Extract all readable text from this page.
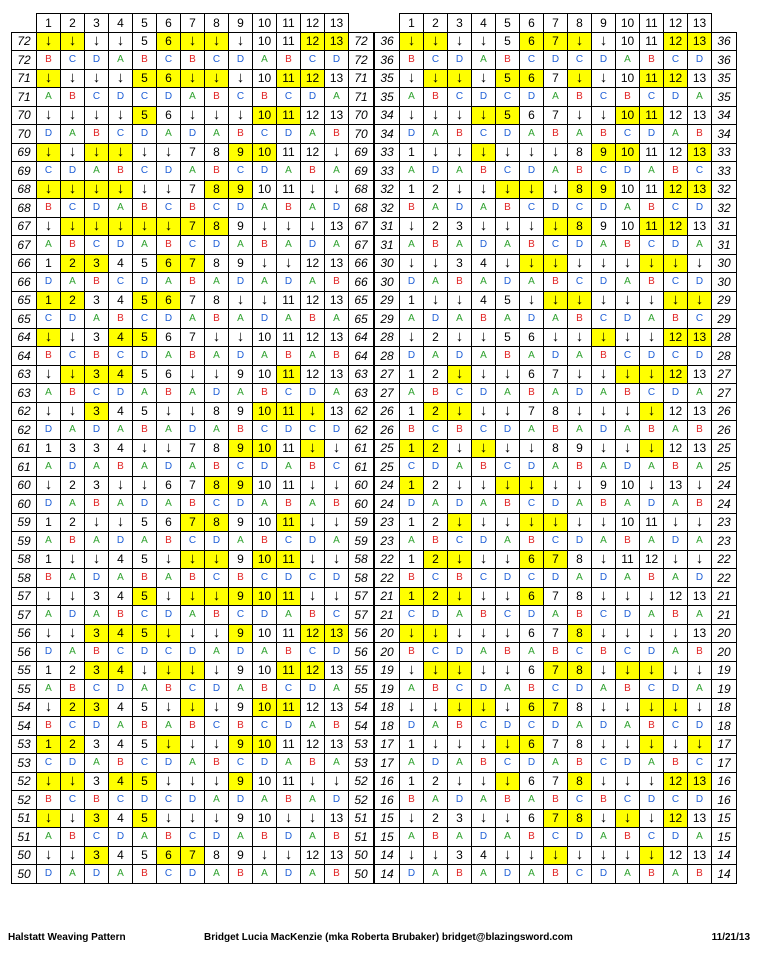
	1	2	3	4	5	6	7	8	9	10	11	12	13	
72	↓	↓	↓	↓	5	6	↓	↓	↓	10	11	12	13	72
72	B	C	D	A	B	C	B	C	D	A	B	C	D	72
71	↓	↓	↓	↓	5	6	↓	↓	↓	10	11	12	13	71
71	A	B	C	D	C	D	A	B	C	B	C	D	A	71
70	↓	↓	↓	↓	5	6	↓	↓	↓	10	11	12	13	70
70	D	A	B	C	D	A	D	A	B	C	D	A	B	70
69	↓	↓	↓	↓	↓	↓	7	8	9	10	11	12	↓	69
69	C	D	A	B	C	D	A	B	C	D	A	B	A	69
68	↓	↓	↓	↓	↓	↓	7	8	9	10	11	↓	↓	68
68	B	C	D	A	B	C	B	C	D	A	B	A	D	68
67	↓	↓	↓	↓	↓	↓	7	8	9	↓	↓	↓	13	67
67	A	B	C	D	A	B	C	D	A	B	A	D	A	67
66	1	2	3	4	5	6	7	8	9	↓	↓	12	13	66
66	D	A	B	C	D	A	B	A	D	A	D	A	B	66
65	1	2	3	4	5	6	7	8	↓	↓	11	12	13	65
65	C	D	A	B	C	D	A	B	A	D	A	B	A	65
64	↓	↓	3	4	5	6	7	↓	↓	10	11	12	13	64
64	B	C	B	C	D	A	B	A	D	A	B	A	B	64
63	↓	↓	3	4	5	6	↓	↓	9	10	11	12	13	63
63	A	B	C	D	A	B	A	D	A	B	C	D	A	63
62	↓	↓	3	4	5	↓	↓	8	9	10	11	↓	13	62
62	D	A	D	A	B	A	D	A	B	C	D	C	D	62
61	1	3	3	4	↓	↓	7	8	9	10	11	↓	↓	61
61	A	D	A	B	A	D	A	B	C	D	A	B	C	61
60	↓	2	3	↓	↓	6	7	8	9	10	11	↓	↓	60
60	D	A	B	A	D	A	B	C	D	A	B	A	B	60
59	1	2	↓	↓	5	6	7	8	9	10	11	↓	↓	59
59	A	B	A	D	A	B	C	D	A	B	C	D	A	59
58	1	↓	↓	4	5	↓	↓	↓	9	10	11	↓	↓	58
58	B	A	D	A	B	A	B	C	B	C	D	C	D	58
57	↓	↓	3	4	5	↓	↓	↓	9	10	11	↓	↓	57
57	A	D	A	B	C	D	A	B	C	D	A	B	C	57
56	↓	↓	3	4	5	↓	↓	↓	9	10	11	12	13	56
56	D	A	B	C	D	C	D	A	D	A	B	C	D	56
55	1	2	3	4	↓	↓	↓	↓	9	10	11	12	13	55
55	A	B	C	D	A	B	C	D	A	B	C	D	A	55
54	↓	2	3	4	5	↓	↓	↓	9	10	11	12	13	54
54	B	C	D	A	B	A	B	C	B	C	D	A	B	54
53	1	2	3	4	5	↓	↓	↓	9	10	11	12	13	53
53	C	D	A	B	C	D	A	B	C	D	A	B	A	53
52	↓	↓	3	4	5	↓	↓	↓	9	10	11	↓	↓	52
52	B	C	B	C	D	C	D	A	D	A	B	A	D	52
51	↓	↓	3	4	5	↓	↓	↓	9	10	↓	↓	13	51
51	A	B	C	D	A	B	C	D	A	B	D	A	B	51
50	↓	↓	3	4	5	6	7	8	9	↓	↓	12	13	50
50	D	A	D	A	B	C	D	A	B	A	D	A	B	50
	1	2	3	4	5	6	7	8	9	10	11	12	13	
36	↓	↓	↓	↓	5	6	7	↓	↓	10	11	12	13	36
36	B	C	D	A	B	C	D	C	D	A	B	C	D	36
35	↓	↓	↓	↓	5	6	7	↓	↓	10	11	12	13	35
35	A	B	C	D	C	D	A	B	C	B	C	D	A	35
34	↓	↓	↓	↓	5	6	7	↓	↓	10	11	12	13	34
34	D	A	B	C	D	A	B	A	B	C	D	A	B	34
33	1	↓	↓	↓	↓	↓	↓	8	9	10	11	12	13	33
33	A	D	A	B	C	D	A	B	C	D	A	B	C	33
32	1	2	↓	↓	↓	↓	↓	8	9	10	11	12	13	32
32	B	A	D	A	B	C	D	C	D	A	B	C	D	32
31	↓	2	3	↓	↓	↓	↓	8	9	10	11	12	13	31
31	A	B	A	D	A	B	C	D	A	B	C	D	A	31
30	↓	↓	3	4	↓	↓	↓	↓	↓	↓	↓	↓	↓	30
30	D	A	B	A	D	A	B	C	D	A	B	C	D	30
29	1	↓	↓	4	5	↓	↓	↓	↓	↓	↓	↓	↓	29
29	A	D	A	B	A	D	A	B	C	D	A	B	C	29
28	↓	2	↓	↓	5	6	↓	↓	↓	↓	↓	12	13	28
28	D	A	D	A	B	A	D	A	B	C	D	C	D	28
27	1	2	↓	↓	↓	6	7	↓	↓	↓	↓	12	13	27
27	A	B	C	D	A	B	A	D	A	B	C	D	A	27
26	1	2	↓	↓	↓	7	8	↓	↓	↓	↓	12	13	26
26	B	C	B	C	D	A	B	A	D	A	B	A	B	26
25	1	2	↓	↓	↓	↓	8	9	↓	↓	↓	12	13	25
25	C	D	A	B	C	D	A	B	A	D	A	B	A	25
24	1	2	↓	↓	↓	↓	↓	↓	9	10	↓	13	↓	24
24	D	A	D	A	B	C	D	A	B	A	D	A	B	24
23	1	2	↓	↓	↓	↓	↓	↓	↓	10	11	↓	↓	23
23	A	B	C	D	A	B	C	D	A	B	A	D	A	23
22	1	2	↓	↓	↓	6	7	8	↓	11	12	↓	↓	22
22	B	C	B	C	D	C	D	A	D	A	B	A	D	22
21	1	2	↓	↓	↓	6	7	8	↓	↓	↓	12	13	21
21	C	D	A	B	C	D	A	B	C	D	A	B	A	21
20	↓	↓	↓	↓	↓	6	7	8	↓	↓	↓	↓	13	20
20	B	C	D	A	B	A	B	C	B	C	D	A	B	20
19	↓	↓	↓	↓	↓	6	7	8	↓	↓	↓	↓	↓	19
19	A	B	C	D	A	B	C	D	A	B	C	D	A	19
18	↓	↓	↓	↓	↓	6	7	8	↓	↓	↓	↓	↓	18
18	D	A	B	C	D	C	D	A	D	A	B	C	D	18
17	1	↓	↓	↓	↓	6	7	8	↓	↓	↓	↓	↓	17
17	A	D	A	B	C	D	A	B	C	D	A	B	C	17
16	1	2	↓	↓	↓	6	7	8	↓	↓	↓	12	13	16
16	B	A	D	A	B	A	B	C	B	C	D	C	D	16
15	↓	2	3	↓	↓	6	7	8	↓	↓	↓	12	13	15
15	A	B	A	D	A	B	C	D	A	B	C	D	A	15
14	↓	↓	3	4	↓	↓	↓	↓	↓	↓	↓	12	13	14
14	D	A	B	A	D	A	B	C	D	A	B	A	B	14
Halstatt Weaving Pattern	Bridget Lucia MacKenzie (mka Roberta Brubaker) bridget@blazingsword.com	11/21/13
